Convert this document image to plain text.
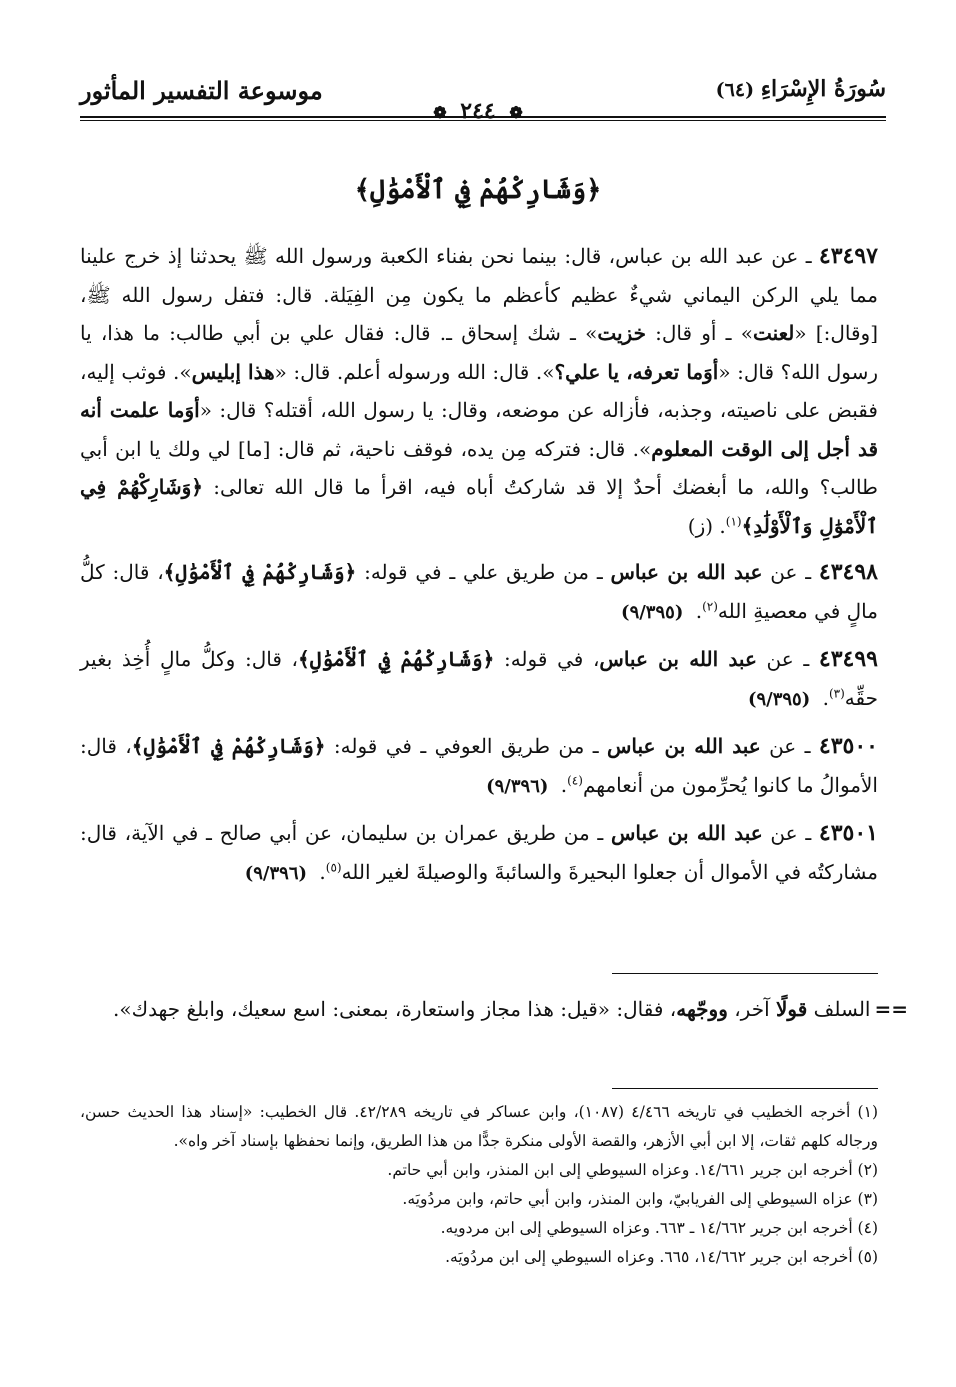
سُورَةُ الإِسْرَاءِ (٦٤)
موسوعة التفسير المأثور
❁ ٢٤٤ ❁
﴿وَشَارِكْهُمْ فِي ٱلْأَمْوَٰلِ﴾

٤٣٤٩٧ ـ عن عبد الله بن عباس، قال: بينما نحن بفناء الكعبة ورسول الله ﷺ يحدثنا إذ خرج علينا مما يلي الركن اليماني شيءٌ عظيم كأعظم ما يكون مِن الفِيَلة. قال: فتفل رسول الله ﷺ، [وقال:] «لعنت» ـ أو قال: خزيت» ـ شك إسحاق ـ. قال: فقال علي بن أبي طالب: ما هذا، يا رسول الله؟ قال: «أوَما تعرفه، يا علي؟». قال: الله ورسوله أعلم. قال: «هذا إبليس». فوثب إليه، فقبض على ناصيته، وجذبه، فأزاله عن موضعه، وقال: يا رسول الله، أقتله؟ قال: «أوَما علمت أنه قد أجل إلى الوقت المعلوم». قال: فتركه مِن يده، فوقف ناحية، ثم قال: [ما] لي ولك يا ابن أبي طالب؟ والله، ما أبغضك أحدٌ إلا قد شاركتُ أباه فيه، اقرأ ما قال الله تعالى: ﴿وَشَارِكْهُمْ فِي ٱلْأَمْوَٰلِ وَٱلْأَوْلَٰدِ﴾$^{(١)}$. (ز)

٤٣٤٩٨ ـ عن عبد الله بن عباس ـ من طريق علي ـ في قوله: ﴿وَشَارِكْهُمْ فِي ٱلْأَمْوَٰلِ﴾، قال: كلُّ مالٍ في معصيةِ الله$^{(٢)}$. (٩/٣٩٥)

٤٣٤٩٩ ـ عن عبد الله بن عباس، في قوله: ﴿وَشَارِكْهُمْ فِي ٱلْأَمْوَٰلِ﴾، قال: وكلُّ مالٍ أُخِذ بغير حقِّه$^{(٣)}$. (٩/٣٩٥)

٤٣٥٠٠ ـ عن عبد الله بن عباس ـ من طريق العوفي ـ في قوله: ﴿وَشَارِكْهُمْ فِي ٱلْأَمْوَٰلِ﴾، قال: الأموالُ ما كانوا يُحرِّمون من أنعامهم$^{(٤)}$. (٩/٣٩٦)

٤٣٥٠١ ـ عن عبد الله بن عباس ـ من طريق عمران بن سليمان، عن أبي صالح ـ في الآية، قال: مشاركتُه في الأموال أن جعلوا البحيرةَ والسائبةَ والوصيلةَ لغير الله$^{(٥)}$. (٩/٣٩٦)

==السلف قولًا آخر، ووجّهه، فقال: «قيل: هذا مجاز واستعارة، بمعنى: اسع سعيك، وابلغ جهدك».

(١) أخرجه الخطيب في تاريخه ٤/٤٦٦ (١٠٨٧)، وابن عساكر في تاريخه ٤٢/٢٨٩. قال الخطيب: «إسناد هذا الحديث حسن، ورجاله كلهم ثقات، إلا ابن أبي الأزهر، والقصة الأولى منكرة جدًّا من هذا الطريق، وإنما نحفظها بإسناد آخر واه».

(٢) أخرجه ابن جرير ١٤/٦٦١. وعزاه السيوطي إلى ابن المنذر، وابن أبي حاتم.

(٣) عزاه السيوطي إلى الفريابيّ، وابن المنذر، وابن أبي حاتم، وابن مردُويَه.

(٤) أخرجه ابن جرير ١٤/٦٦٢ ـ ٦٦٣. وعزاه السيوطي إلى ابن مردويه.

(٥) أخرجه ابن جرير ١٤/٦٦٢، ٦٦٥. وعزاه السيوطي إلى ابن مردُويَه.
